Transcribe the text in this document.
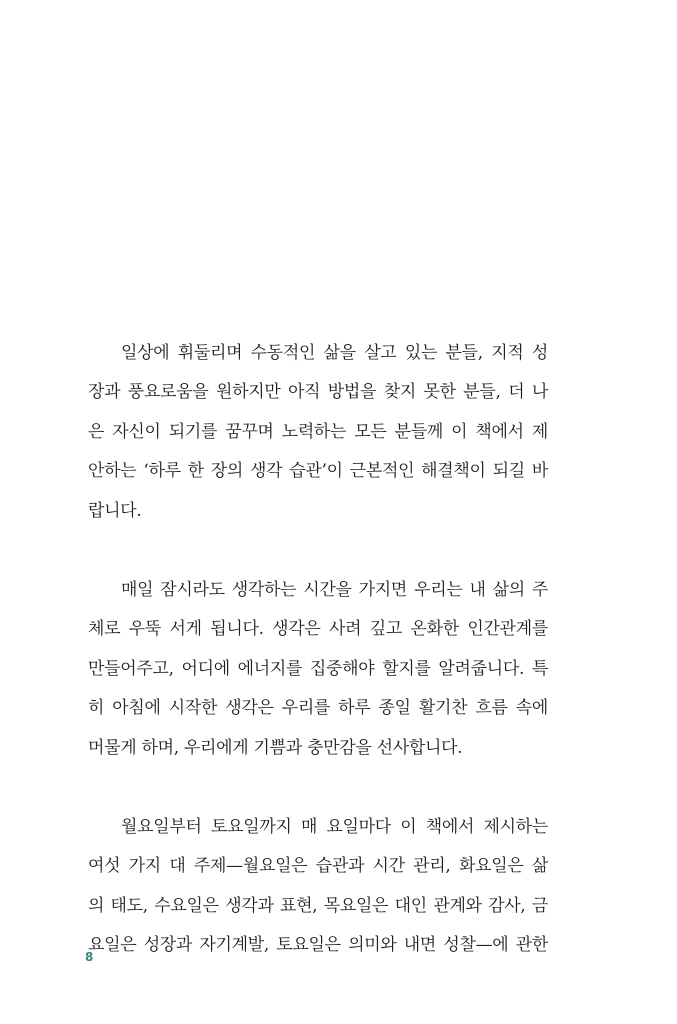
일상에 휘둘리며 수동적인 삶을 살고 있는 분들, 지적 성
장과 풍요로움을 원하지만 아직 방법을 찾지 못한 분들, 더 나
은 자신이 되기를 꿈꾸며 노력하는 모든 분들께 이 책에서 제
안하는 ‘하루 한 장의 생각 습관’이 근본적인 해결책이 되길 바
랍니다.
매일 잠시라도 생각하는 시간을 가지면 우리는 내 삶의 주
체로 우뚝 서게 됩니다. 생각은 사려 깊고 온화한 인간관계를
만들어주고, 어디에 에너지를 집중해야 할지를 알려줍니다. 특
히 아침에 시작한 생각은 우리를 하루 종일 활기찬 흐름 속에
머물게 하며, 우리에게 기쁨과 충만감을 선사합니다.
월요일부터 토요일까지 매 요일마다 이 책에서 제시하는
여섯 가지 대 주제—월요일은 습관과 시간 관리, 화요일은 삶
의 태도, 수요일은 생각과 표현, 목요일은 대인 관계와 감사, 금
요일은 성장과 자기계발, 토요일은 의미와 내면 성찰—에 관한
8
